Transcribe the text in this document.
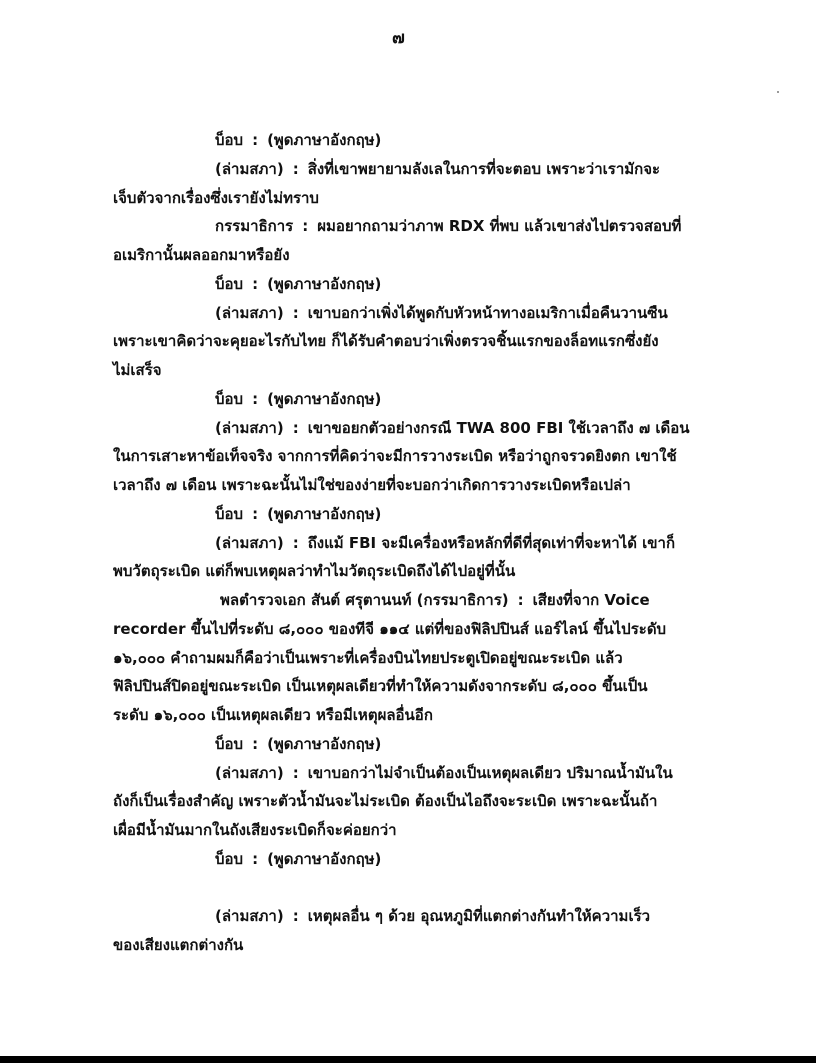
๗
บ็อบ : (พูดภาษาอังกฤษ)
(ล่ามสภา) : สิ่งที่เขาพยายามลังเลในการที่จะตอบ เพราะว่าเรามักจะ
เจ็บตัวจากเรื่องซึ่งเรายังไม่ทราบ
กรรมาธิการ : ผมอยากถามว่าภาพ RDX ที่พบ แล้วเขาส่งไปตรวจสอบที่
อเมริกานั้นผลออกมาหรือยัง
บ็อบ : (พูดภาษาอังกฤษ)
(ล่ามสภา) : เขาบอกว่าเพิ่งได้พูดกับหัวหน้าทางอเมริกาเมื่อคืนวานซืน
เพราะเขาคิดว่าจะคุยอะไรกับไทย ก็ได้รับคำตอบว่าเพิ่งตรวจชิ้นแรกของล็อทแรกซึ่งยัง
ไม่เสร็จ
บ็อบ : (พูดภาษาอังกฤษ)
(ล่ามสภา) : เขาขอยกตัวอย่างกรณี TWA 800 FBI ใช้เวลาถึง ๗ เดือน
ในการเสาะหาข้อเท็จจริง จากการที่คิดว่าจะมีการวางระเบิด หรือว่าถูกจรวดยิงตก เขาใช้
เวลาถึง ๗ เดือน เพราะฉะนั้นไม่ใช่ของง่ายที่จะบอกว่าเกิดการวางระเบิดหรือเปล่า
บ็อบ : (พูดภาษาอังกฤษ)
(ล่ามสภา) : ถึงแม้ FBI จะมีเครื่องหรือหลักที่ดีที่สุดเท่าที่จะหาได้ เขาก็
พบวัตถุระเบิด แต่ก็พบเหตุผลว่าทำไมวัตถุระเบิดถึงได้ไปอยู่ที่นั้น
พลตำรวจเอก สันต์ ศรุตานนท์ (กรรมาธิการ) : เสียงที่จาก Voice
recorder ขึ้นไปที่ระดับ ๘,๐๐๐ ของทีจี ๑๑๔ แต่ที่ของฟิลิปปินส์ แอร์ไลน์ ขึ้นไประดับ
๑๖,๐๐๐ คำถามผมก็คือว่าเป็นเพราะที่เครื่องบินไทยประตูเปิดอยู่ขณะระเบิด แล้ว
ฟิลิปปินส์ปิดอยู่ขณะระเบิด เป็นเหตุผลเดียวที่ทำให้ความดังจากระดับ ๘,๐๐๐ ขึ้นเป็น
ระดับ ๑๖,๐๐๐ เป็นเหตุผลเดียว หรือมีเหตุผลอื่นอีก
บ็อบ : (พูดภาษาอังกฤษ)
(ล่ามสภา) : เขาบอกว่าไม่จำเป็นต้องเป็นเหตุผลเดียว ปริมาณน้ำมันใน
ถังก็เป็นเรื่องสำคัญ เพราะตัวน้ำมันจะไม่ระเบิด ต้องเป็นไอถึงจะระเบิด เพราะฉะนั้นถ้า
เผื่อมีน้ำมันมากในถังเสียงระเบิดก็จะค่อยกว่า
บ็อบ : (พูดภาษาอังกฤษ)
(ล่ามสภา) : เหตุผลอื่น ๆ ด้วย อุณหภูมิที่แตกต่างกันทำให้ความเร็ว
ของเสียงแตกต่างกัน
